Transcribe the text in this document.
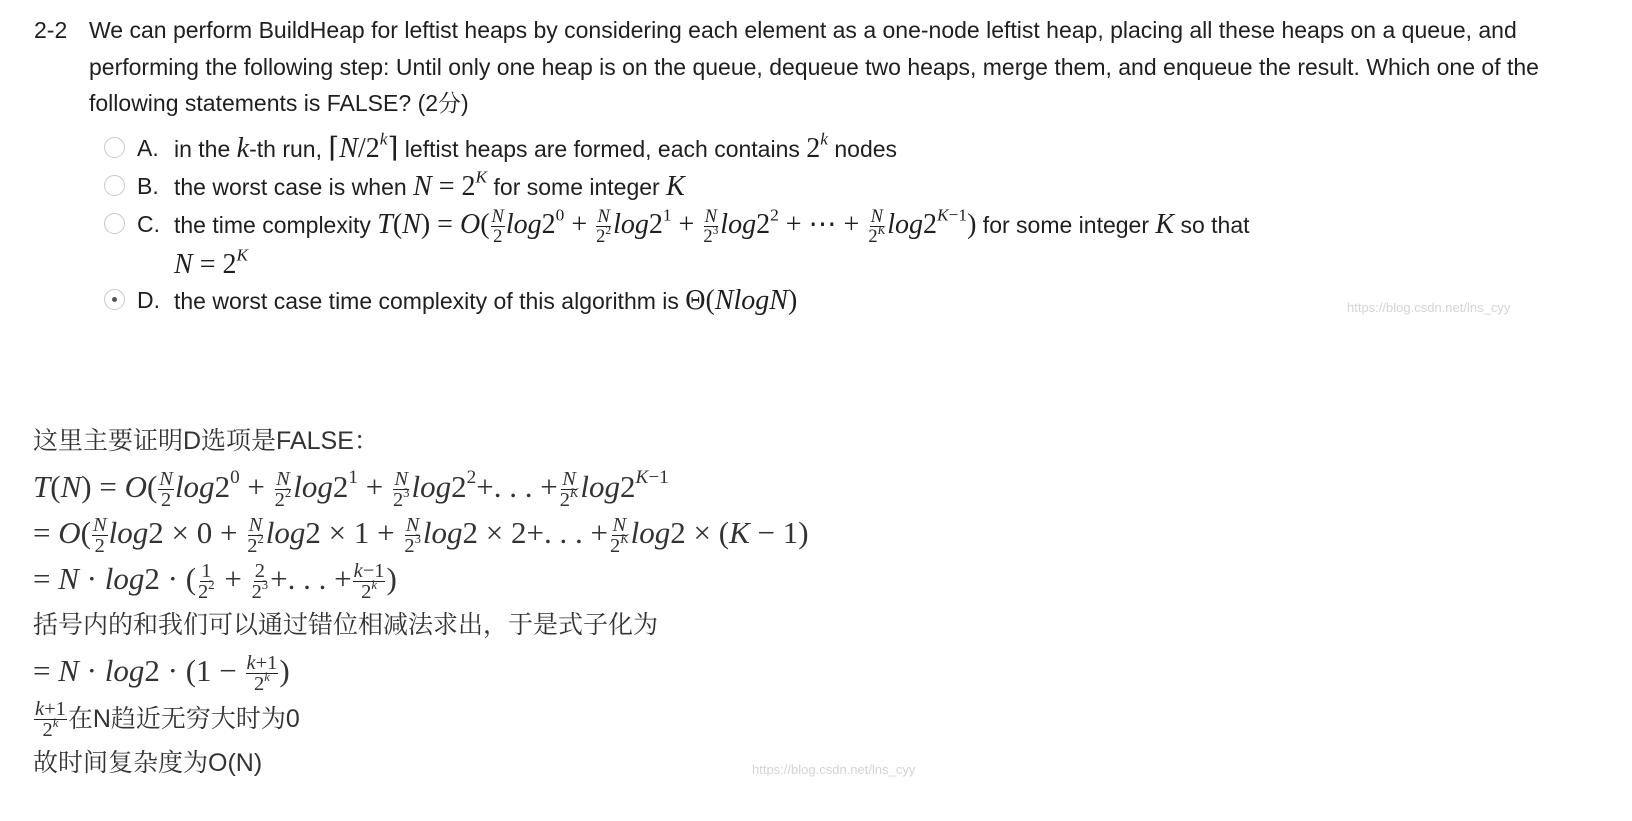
2-2 We can perform BuildHeap for leftist heaps by considering each element as a one-node leftist heap, placing all these heaps on a queue, and performing the following step: Until only one heap is on the queue, dequeue two heaps, merge them, and enqueue the result. Which one of the following statements is FALSE? (2分)
A. in the k-th run, ⌈N/2$^k$⌉ leftist heaps are formed, each contains 2$^k$ nodes
B. the worst case is when $N = 2^K$ for some integer K
C. the time complexity $T(N) = O( \frac{N}{2} \log 2^0 + \frac{N}{2^2} \log 2^1 + \frac{N}{2^3} \log 2^2$ + ⋯ + $\frac{N}{2^K} \log 2^{K-1}$) for some integer K so that
$N = 2^K$
D. the worst case time complexity of this algorithm is Θ(NlogN)
这里主要证明D选项是FALSE：
$T(N) = O( \frac{N}{2} \log 2^0 + \frac{N}{2^2} \log 2^1 + \frac{N}{2^3} \log 2^2+$. . . + $\frac{N}{2^K} \log 2^{K-1}$
= $O( \frac{N}{2} \log 2 \times 0 + \frac{N}{2^2} \log 2 \times 1 + \frac{N}{2^3} \log 2 \times 2+$. . . + $\frac{N}{2^K} \log 2 \times (K - 1)$
= N · log2 · ( $\frac{1}{2^2} + \frac{2}{2^3}$ +. . . + $\frac{k-1}{2^k}$ )
括号内的和我们可以通过错位相减法求出，于是式子化为
= $N \cdot \log 2 \cdot (1 - \frac{k+1}{2^k}$ )
$\frac{k+1}{2^k}$ 在N趋近无穷大时为0
故时间复杂度为O(N)
https://blog.csdn.net/lns_cyy
https://blog.csdn.net/lns_cyy
